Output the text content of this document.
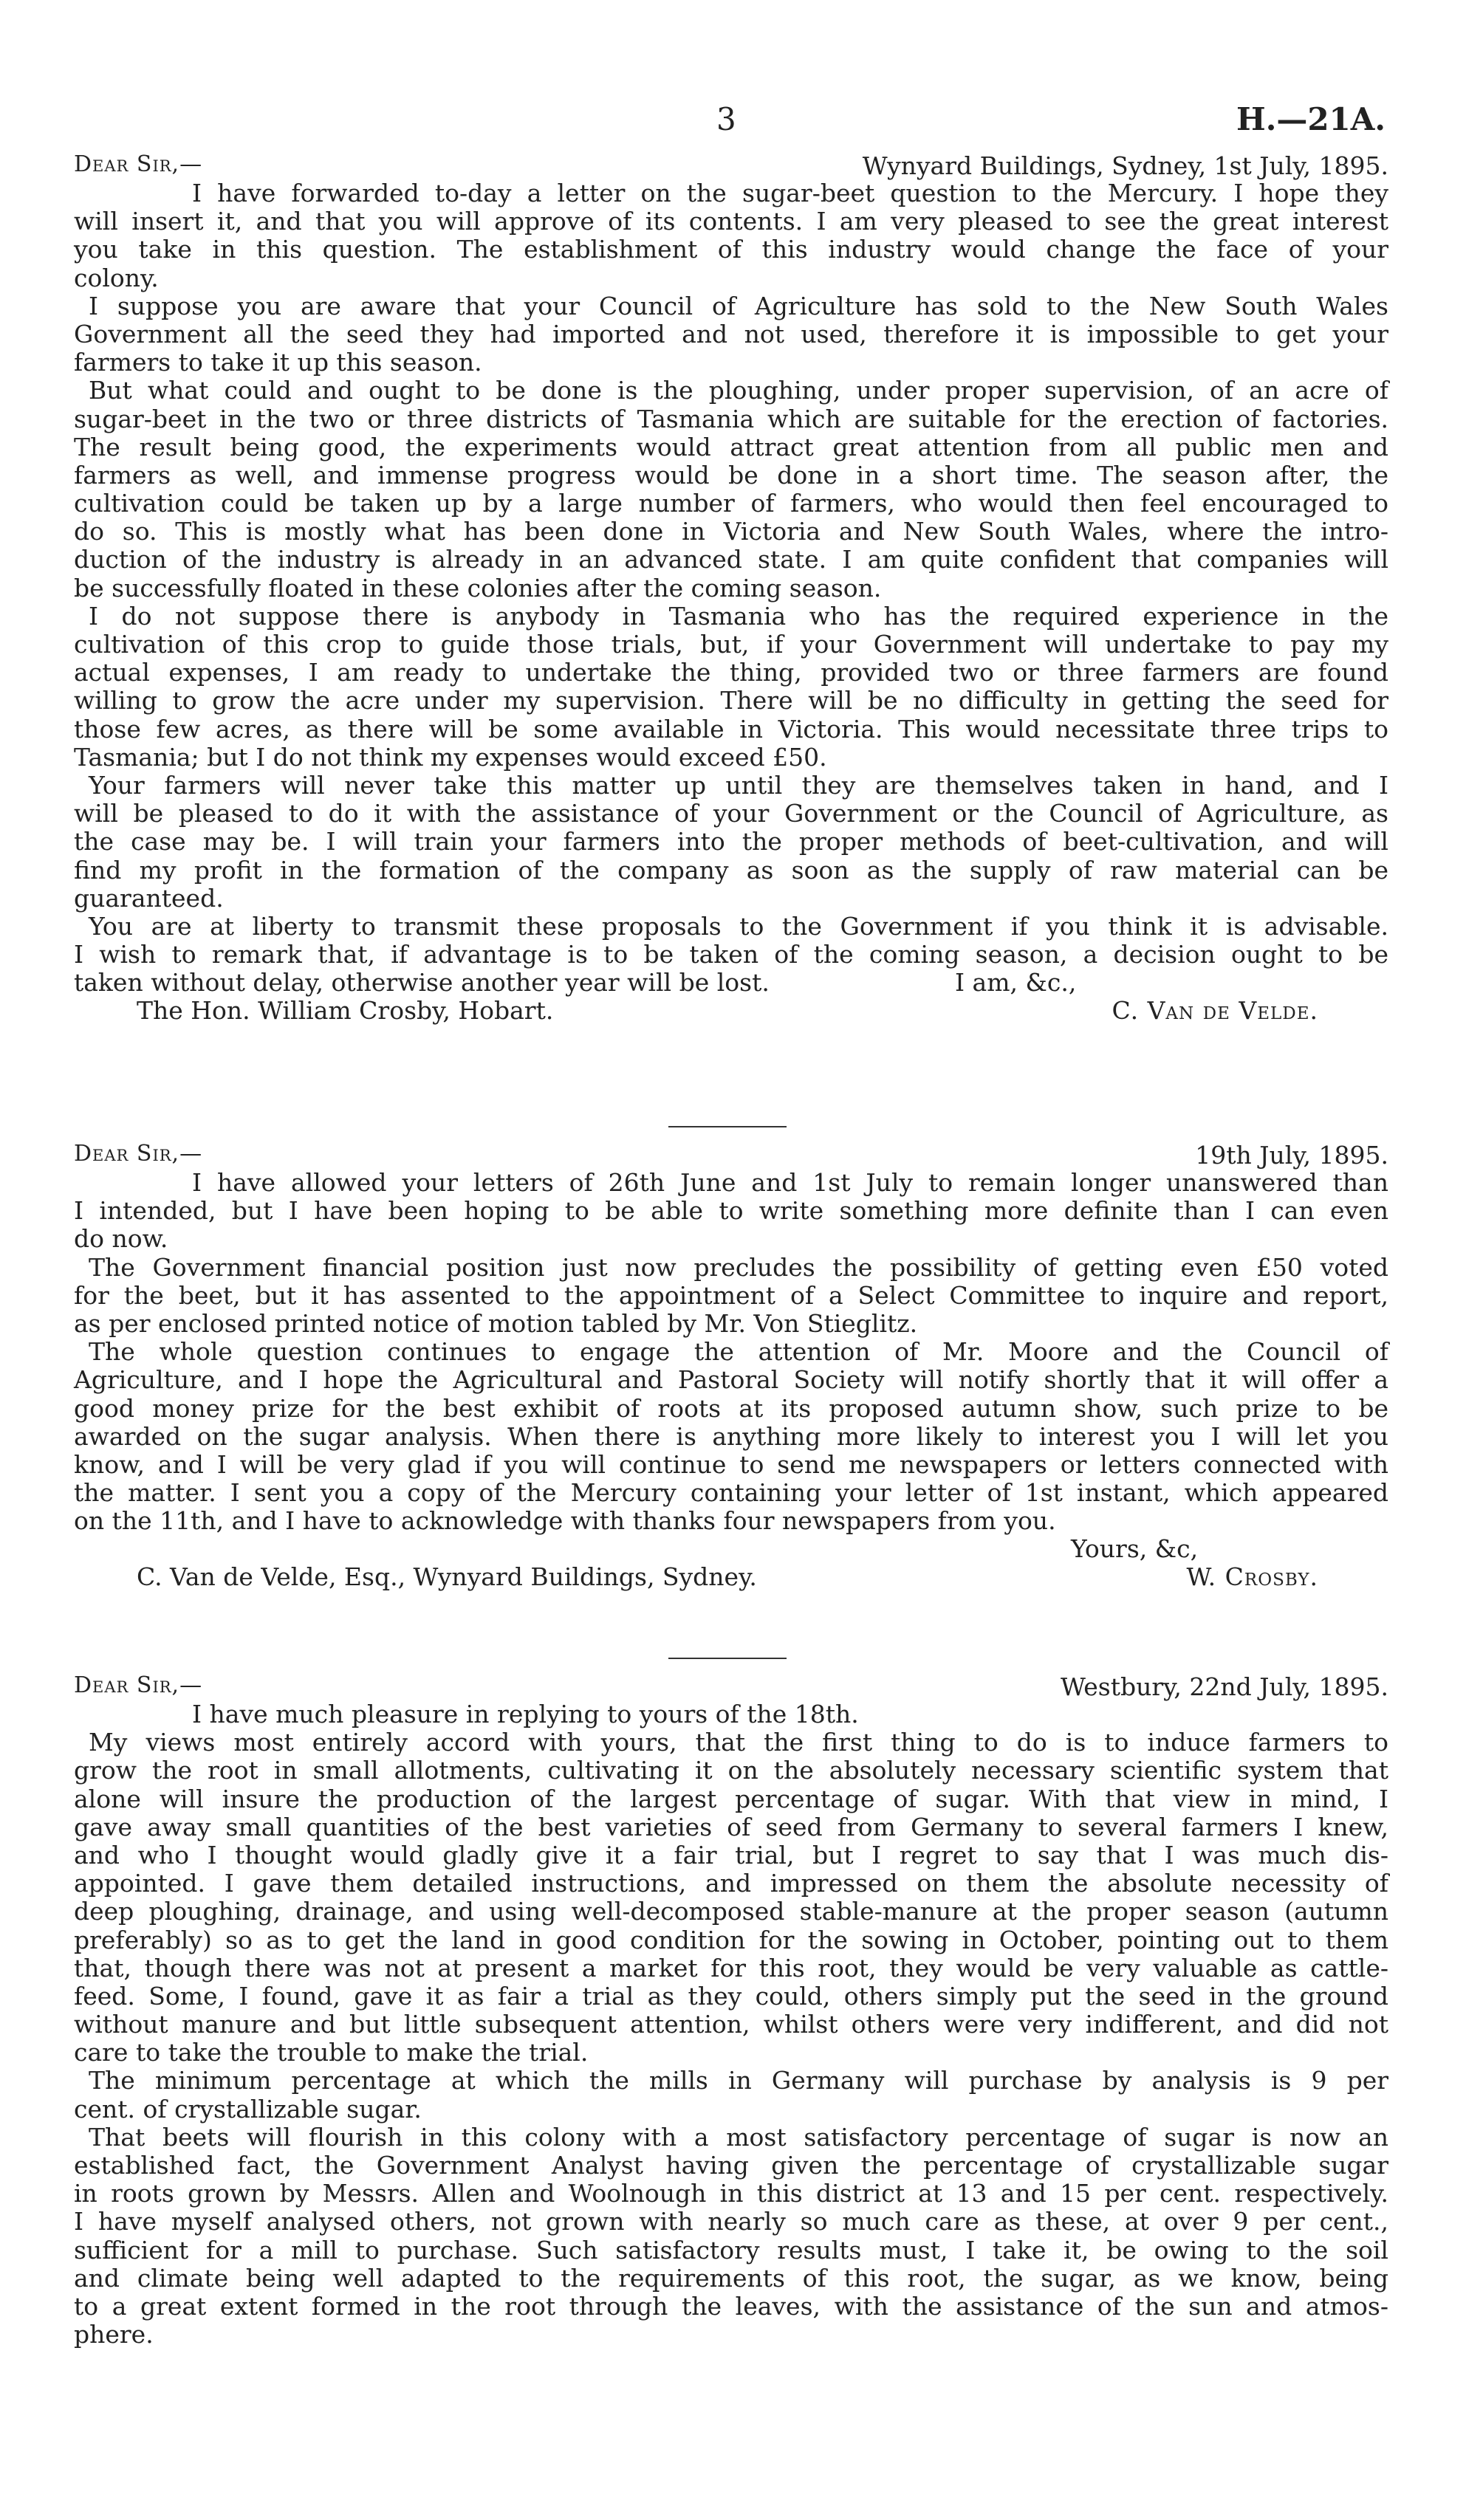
3	H.—21A.
Dear Sir,—	Wynyard Buildings, Sydney, 1st July, 1895.
I have forwarded to-day a letter on the sugar-beet question to the Mercury. I hope they
will insert it, and that you will approve of its contents. I am very pleased to see the great interest
you take in this question. The establishment of this industry would change the face of your
colony.
I suppose you are aware that your Council of Agriculture has sold to the New South Wales
Government all the seed they had imported and not used, therefore it is impossible to get your
farmers to take it up this season.
But what could and ought to be done is the ploughing, under proper supervision, of an acre of
sugar-beet in the two or three districts of Tasmania which are suitable for the erection of factories.
The result being good, the experiments would attract great attention from all public men and
farmers as well, and immense progress would be done in a short time. The season after, the
cultivation could be taken up by a large number of farmers, who would then feel encouraged to
do so. This is mostly what has been done in Victoria and New South Wales, where the intro-
duction of the industry is already in an advanced state. I am quite confident that companies will
be successfully floated in these colonies after the coming season.
I do not suppose there is anybody in Tasmania who has the required experience in the
cultivation of this crop to guide those trials, but, if your Government will undertake to pay my
actual expenses, I am ready to undertake the thing, provided two or three farmers are found
willing to grow the acre under my supervision. There will be no difficulty in getting the seed for
those few acres, as there will be some available in Victoria. This would necessitate three trips to
Tasmania; but I do not think my expenses would exceed £50.
Your farmers will never take this matter up until they are themselves taken in hand, and I
will be pleased to do it with the assistance of your Government or the Council of Agriculture, as
the case may be. I will train your farmers into the proper methods of beet-cultivation, and will
find my profit in the formation of the company as soon as the supply of raw material can be
guaranteed.
You are at liberty to transmit these proposals to the Government if you think it is advisable.
I wish to remark that, if advantage is to be taken of the coming season, a decision ought to be
taken without delay, otherwise another year will be lost.	I am, &c.,
The Hon. William Crosby, Hobart.	C. Van de Velde.
Dear Sir,—	19th July, 1895.
I have allowed your letters of 26th June and 1st July to remain longer unanswered than
I intended, but I have been hoping to be able to write something more definite than I can even
do now.
The Government financial position just now precludes the possibility of getting even £50 voted
for the beet, but it has assented to the appointment of a Select Committee to inquire and report,
as per enclosed printed notice of motion tabled by Mr. Von Stieglitz.
The whole question continues to engage the attention of Mr. Moore and the Council of
Agriculture, and I hope the Agricultural and Pastoral Society will notify shortly that it will offer a
good money prize for the best exhibit of roots at its proposed autumn show, such prize to be
awarded on the sugar analysis. When there is anything more likely to interest you I will let you
know, and I will be very glad if you will continue to send me newspapers or letters connected with
the matter. I sent you a copy of the Mercury containing your letter of 1st instant, which appeared
on the 11th, and I have to acknowledge with thanks four newspapers from you.
Yours, &c,
C. Van de Velde, Esq., Wynyard Buildings, Sydney.	W. Crosby.
Dear Sir,—	Westbury, 22nd July, 1895.
I have much pleasure in replying to yours of the 18th.
My views most entirely accord with yours, that the first thing to do is to induce farmers to
grow the root in small allotments, cultivating it on the absolutely necessary scientific system that
alone will insure the production of the largest percentage of sugar. With that view in mind, I
gave away small quantities of the best varieties of seed from Germany to several farmers I knew,
and who I thought would gladly give it a fair trial, but I regret to say that I was much dis-
appointed. I gave them detailed instructions, and impressed on them the absolute necessity of
deep ploughing, drainage, and using well-decomposed stable-manure at the proper season (autumn
preferably) so as to get the land in good condition for the sowing in October, pointing out to them
that, though there was not at present a market for this root, they would be very valuable as cattle-
feed. Some, I found, gave it as fair a trial as they could, others simply put the seed in the ground
without manure and but little subsequent attention, whilst others were very indifferent, and did not
care to take the trouble to make the trial.
The minimum percentage at which the mills in Germany will purchase by analysis is 9 per
cent. of crystallizable sugar.
That beets will flourish in this colony with a most satisfactory percentage of sugar is now an
established fact, the Government Analyst having given the percentage of crystallizable sugar
in roots grown by Messrs. Allen and Woolnough in this district at 13 and 15 per cent. respectively.
I have myself analysed others, not grown with nearly so much care as these, at over 9 per cent.,
sufficient for a mill to purchase. Such satisfactory results must, I take it, be owing to the soil
and climate being well adapted to the requirements of this root, the sugar, as we know, being
to a great extent formed in the root through the leaves, with the assistance of the sun and atmos-
phere.
